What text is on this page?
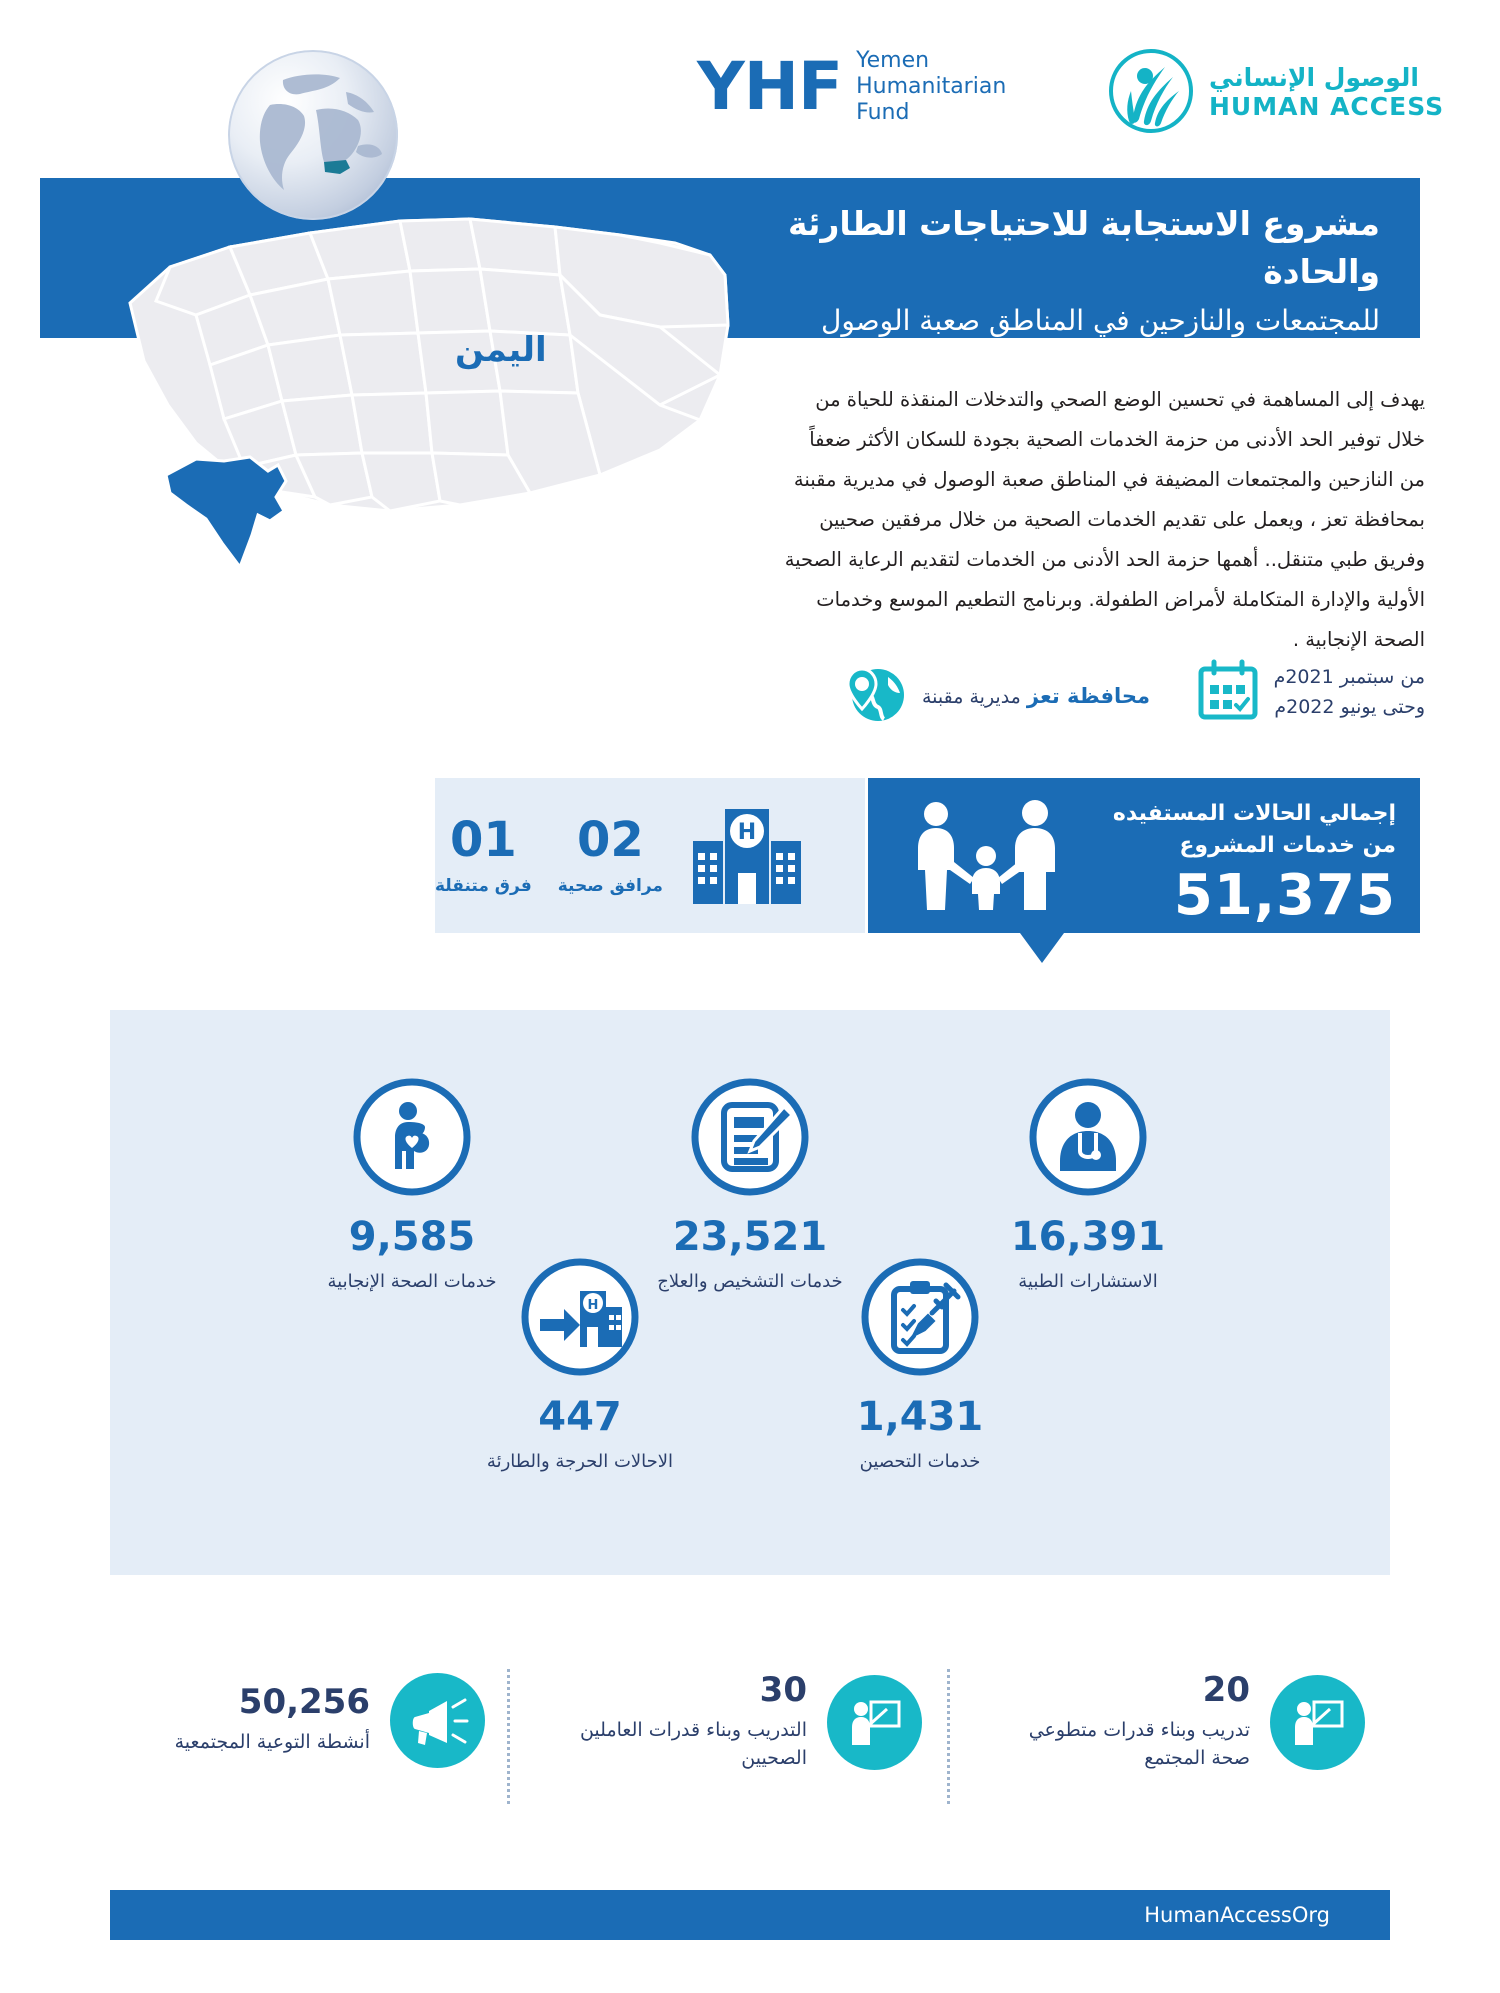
YHF Yemen
Humanitarian
Fund
الوصول الإنساني
HUMAN ACCESS
مشروع الاستجابة للاحتياجات الطارئة والحادة
للمجتمعات والنازحين في المناطق صعبة الوصول
اليمن
تعز
يهدف إلى المساهمة في تحسين الوضع الصحي والتدخلات المنقذة للحياة من خلال توفير الحد الأدنى من حزمة الخدمات الصحية بجودة للسكان الأكثر ضعفاً من النازحين والمجتمعات المضيفة في المناطق صعبة الوصول في مديرية مقبنة بمحافظة تعز ، ويعمل على تقديم الخدمات الصحية من خلال مرفقين صحيين وفريق طبي متنقل.. أهمها حزمة الحد الأدنى من الخدمات لتقديم الرعاية الصحية الأولية والإدارة المتكاملة لأمراض الطفولة. وبرنامج التطعيم الموسع وخدمات الصحة الإنجابية .
من سبتمبر 2021م
وحتى يونيو 2022م
محافظة تعز مديرية مقبنة
H
02
مرافق صحية
01
فرق متنقلة
إجمالي الحالات المستفيده
من خدمات المشروع
51,375
9,585
خدمات الصحة الإنجابية
23,521
خدمات التشخيص والعلاج
16,391
الاستشارات الطبية
H
447
الاحالات الحرجة والطارئة
1,431
خدمات التحصين
20
تدريب وبناء قدرات متطوعي
صحة المجتمع
30
التدريب وبناء قدرات العاملين
الصحيين
50,256
أنشطة التوعية المجتمعية
HumanAccessOrg
